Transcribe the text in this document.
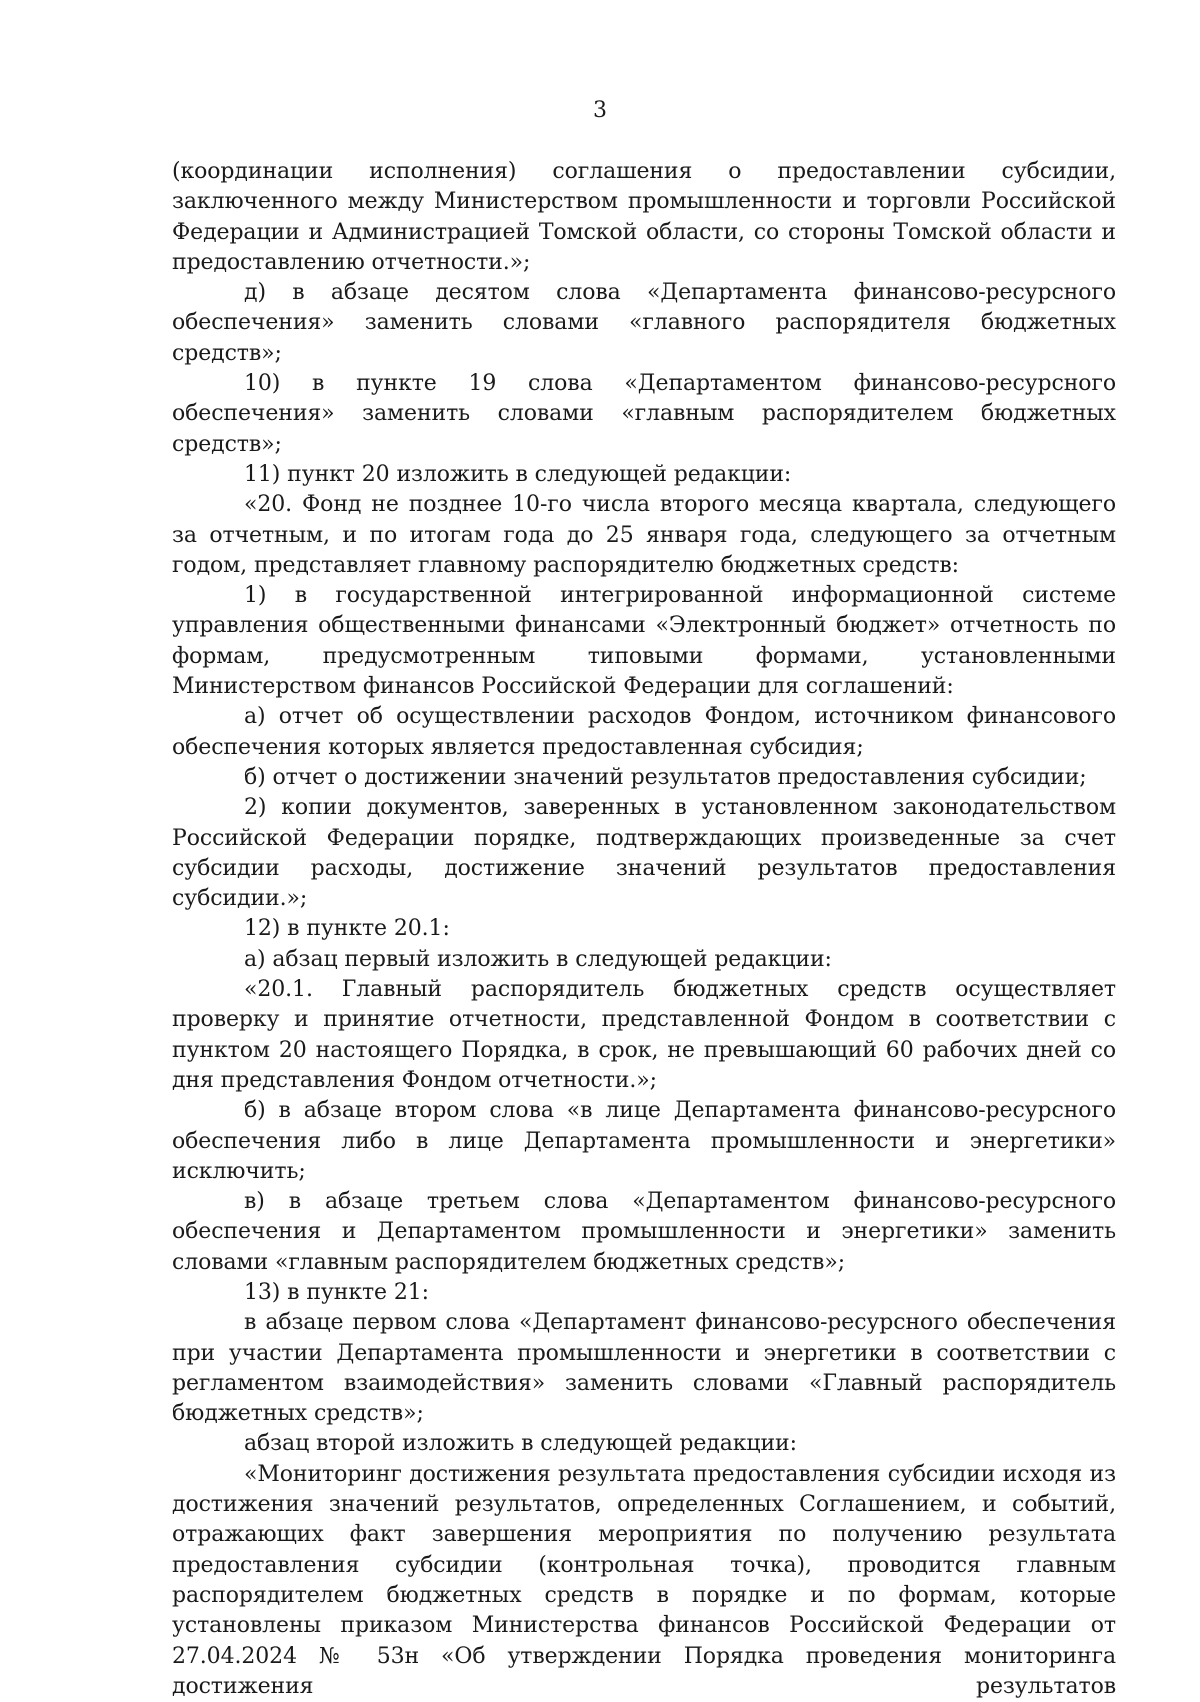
3

(координации исполнения) соглашения о предоставлении субсидии, заключенного между Министерством промышленности и торговли Российской Федерации и Администрацией Томской области, со стороны Томской области и предоставлению отчетности.»;

д) в абзаце десятом слова «Департамента финансово-ресурсного обеспечения» заменить словами «главного распорядителя бюджетных средств»;

10) в пункте 19 слова «Департаментом финансово-ресурсного обеспечения» заменить словами «главным распорядителем бюджетных средств»;

11) пункт 20 изложить в следующей редакции:

«20. Фонд не позднее 10-го числа второго месяца квартала, следующего за отчетным, и по итогам года до 25 января года, следующего за отчетным годом, представляет главному распорядителю бюджетных средств:

1) в государственной интегрированной информационной системе управления общественными финансами «Электронный бюджет» отчетность по формам, предусмотренным типовыми формами, установленными Министерством финансов Российской Федерации для соглашений:

а) отчет об осуществлении расходов Фондом, источником финансового обеспечения которых является предоставленная субсидия;

б) отчет о достижении значений результатов предоставления субсидии;

2) копии документов, заверенных в установленном законодательством Российской Федерации порядке, подтверждающих произведенные за счет субсидии расходы, достижение значений результатов предоставления субсидии.»;

12) в пункте 20.1:

а) абзац первый изложить в следующей редакции:

«20.1. Главный распорядитель бюджетных средств осуществляет проверку и принятие отчетности, представленной Фондом в соответствии с пунктом 20 настоящего Порядка, в срок, не превышающий 60 рабочих дней со дня представления Фондом отчетности.»;

б) в абзаце втором слова «в лице Департамента финансово-ресурсного обеспечения либо в лице Департамента промышленности и энергетики» исключить;

в) в абзаце третьем слова «Департаментом финансово-ресурсного обеспечения и Департаментом промышленности и энергетики» заменить словами «главным распорядителем бюджетных средств»;

13) в пункте 21:

в абзаце первом слова «Департамент финансово-ресурсного обеспечения при участии Департамента промышленности и энергетики в соответствии с регламентом взаимодействия» заменить словами «Главный распорядитель бюджетных средств»;

абзац второй изложить в следующей редакции:

«Мониторинг достижения результата предоставления субсидии исходя из достижения значений результатов, определенных Соглашением, и событий, отражающих факт завершения мероприятия по получению результата предоставления субсидии (контрольная точка), проводится главным распорядителем бюджетных средств в порядке и по формам, которые установлены приказом Министерства финансов Российской Федерации от 27.04.2024 № 53н «Об утверждении Порядка проведения мониторинга достижения результатов
